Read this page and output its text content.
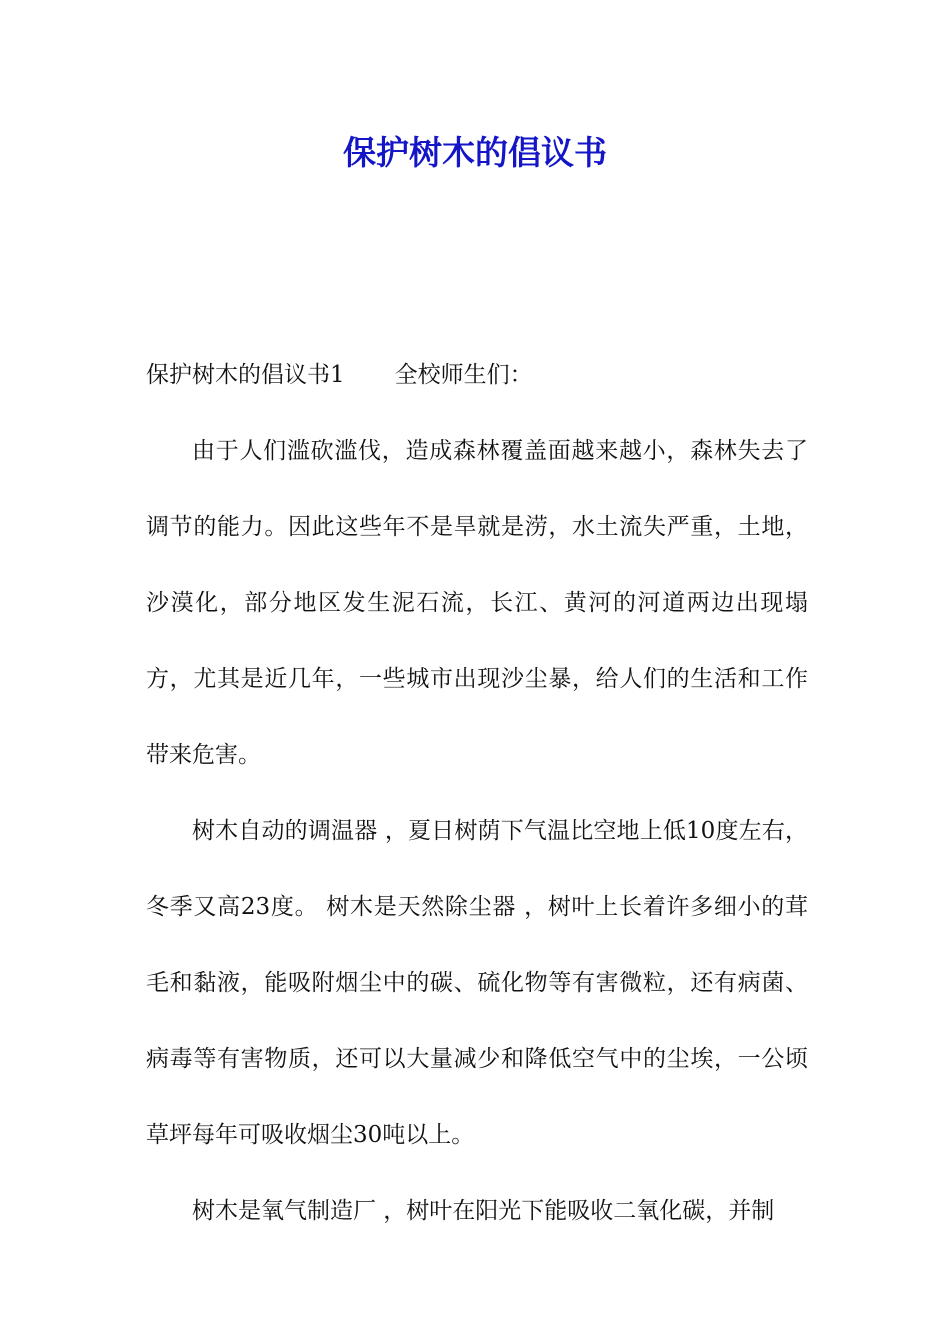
保护树木的倡议书

保护树木的倡议书1 全校师生们：

由于人们滥砍滥伐，造成森林覆盖面越来越小，森林失去了调节的能力。因此这些年不是旱就是涝，水土流失严重，土地，沙漠化，部分地区发生泥石流，长江、黄河的河道两边出现塌方，尤其是近几年，一些城市出现沙尘暴，给人们的生活和工作带来危害。

树木自动的调温器 ，夏日树荫下气温比空地上低10度左右，冬季又高23度。 树木是天然除尘器 ，树叶上长着许多细小的茸毛和黏液，能吸附烟尘中的碳、硫化物等有害微粒，还有病菌、病毒等有害物质，还可以大量减少和降低空气中的尘埃，一公顷草坪每年可吸收烟尘30吨以上。

树木是氧气制造厂 ，树叶在阳光下能吸收二氧化碳，并制
